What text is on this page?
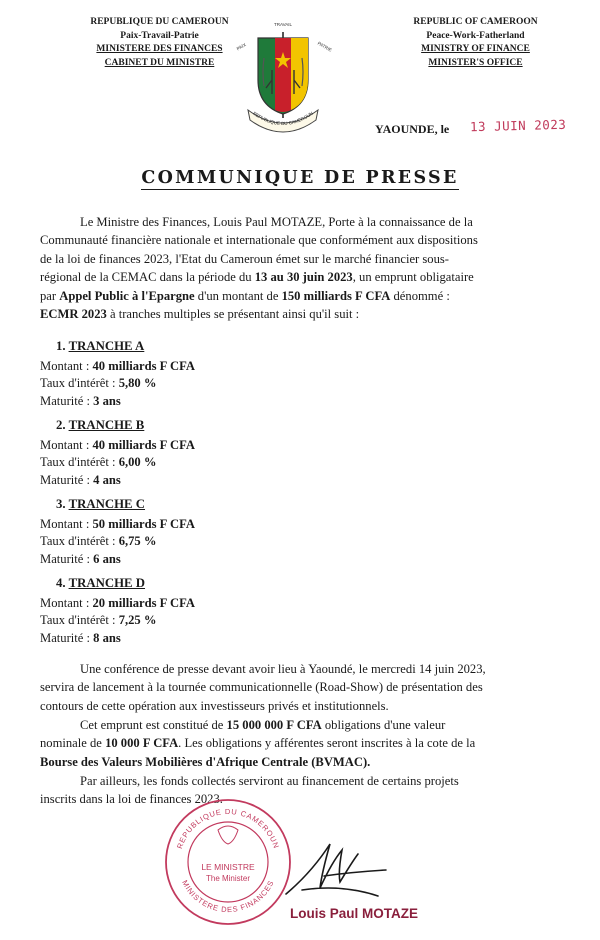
REPUBLIQUE DU CAMEROUN
Paix-Travail-Patrie
MINISTERE DES FINANCES
CABINET DU MINISTRE
TRAVAIL
PAIX	PATRIE
REPUBLIQUE DU CAMEROUN
REPUBLIC OF CAMEROON
Peace-Work-Fatherland
MINISTRY OF FINANCE
MINISTER'S OFFICE
YAOUNDE, le 13 JUIN 2023
COMMUNIQUE DE PRESSE
Le Ministre des Finances, Louis Paul MOTAZE, Porte à la connaissance de la
Communauté financière nationale et internationale que conformément aux dispositions
de la loi de finances 2023, l'Etat du Cameroun émet sur le marché financier sous-
régional de la CEMAC dans la période du 13 au 30 juin 2023, un emprunt obligataire
par Appel Public à l'Epargne d'un montant de 150 milliards F CFA dénommé :
ECMR 2023 à tranches multiples se présentant ainsi qu'il suit :
1. TRANCHE A
Montant : 40 milliards F CFA
Taux d'intérêt : 5,80 %
Maturité : 3 ans
2. TRANCHE B
Montant : 40 milliards F CFA
Taux d'intérêt : 6,00 %
Maturité : 4 ans
3. TRANCHE C
Montant : 50 milliards F CFA
Taux d'intérêt : 6,75 %
Maturité : 6 ans
4. TRANCHE D
Montant : 20 milliards F CFA
Taux d'intérêt : 7,25 %
Maturité : 8 ans
Une conférence de presse devant avoir lieu à Yaoundé, le mercredi 14 juin 2023,
servira de lancement à la tournée communicationnelle (Road-Show) de présentation des
contours de cette opération aux investisseurs privés et institutionnels.
Cet emprunt est constitué de 15 000 000 F CFA obligations d'une valeur
nominale de 10 000 F CFA. Les obligations y afférentes seront inscrites à la cote de la
Bourse des Valeurs Mobilières d'Afrique Centrale (BVMAC).
Par ailleurs, les fonds collectés serviront au financement de certains projets
inscrits dans la loi de finances 2023.
REPUBLIQUE DU CAMEROUN
MINISTERE DES FINANCES
LE MINISTRE
The Minister
Louis Paul MOTAZE
